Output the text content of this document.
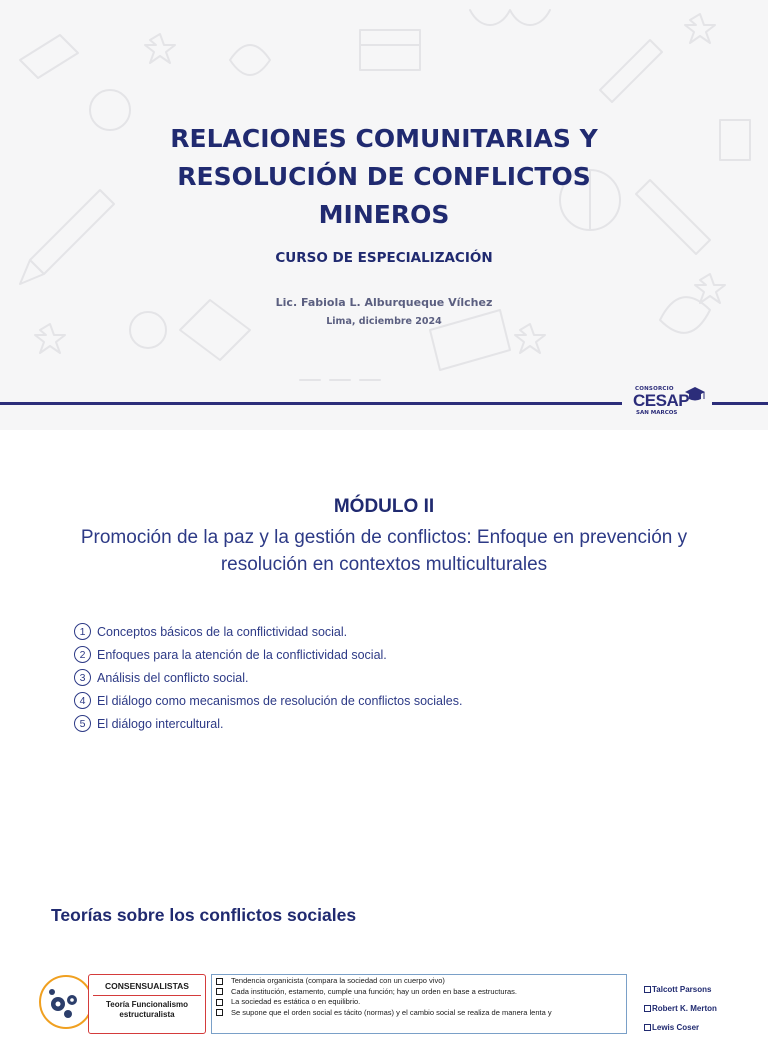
RELACIONES COMUNITARIAS Y
RESOLUCIÓN DE CONFLICTOS
MINEROS
CURSO DE ESPECIALIZACIÓN
Lic. Fabiola L. Alburqueque Vílchez
Lima, diciembre 2024
CONSORCIO
CESAP
SAN MARCOS
MÓDULO II

Promoción de la paz y la gestión de conflictos: Enfoque en prevención y resolución en contextos multiculturales

1 Conceptos básicos de la conflictividad social.
2 Enfoques para la atención de la conflictividad social.
3 Análisis del conflicto social.
4 El diálogo como mecanismos de resolución de conflictos sociales.
5 El diálogo intercultural.
Teorías sobre los conflictos sociales
CONSENSUALISTAS
Teoría Funcionalismo
estructuralista
Tendencia organicista (compara la sociedad con un cuerpo vivo)
Cada institución, estamento, cumple una función; hay un orden en base a estructuras.
La sociedad es estática o en equilibrio.
Se supone que el orden social es tácito (normas) y el cambio social se realiza de manera lenta y
Talcott Parsons
Robert K. Merton
Lewis Coser
